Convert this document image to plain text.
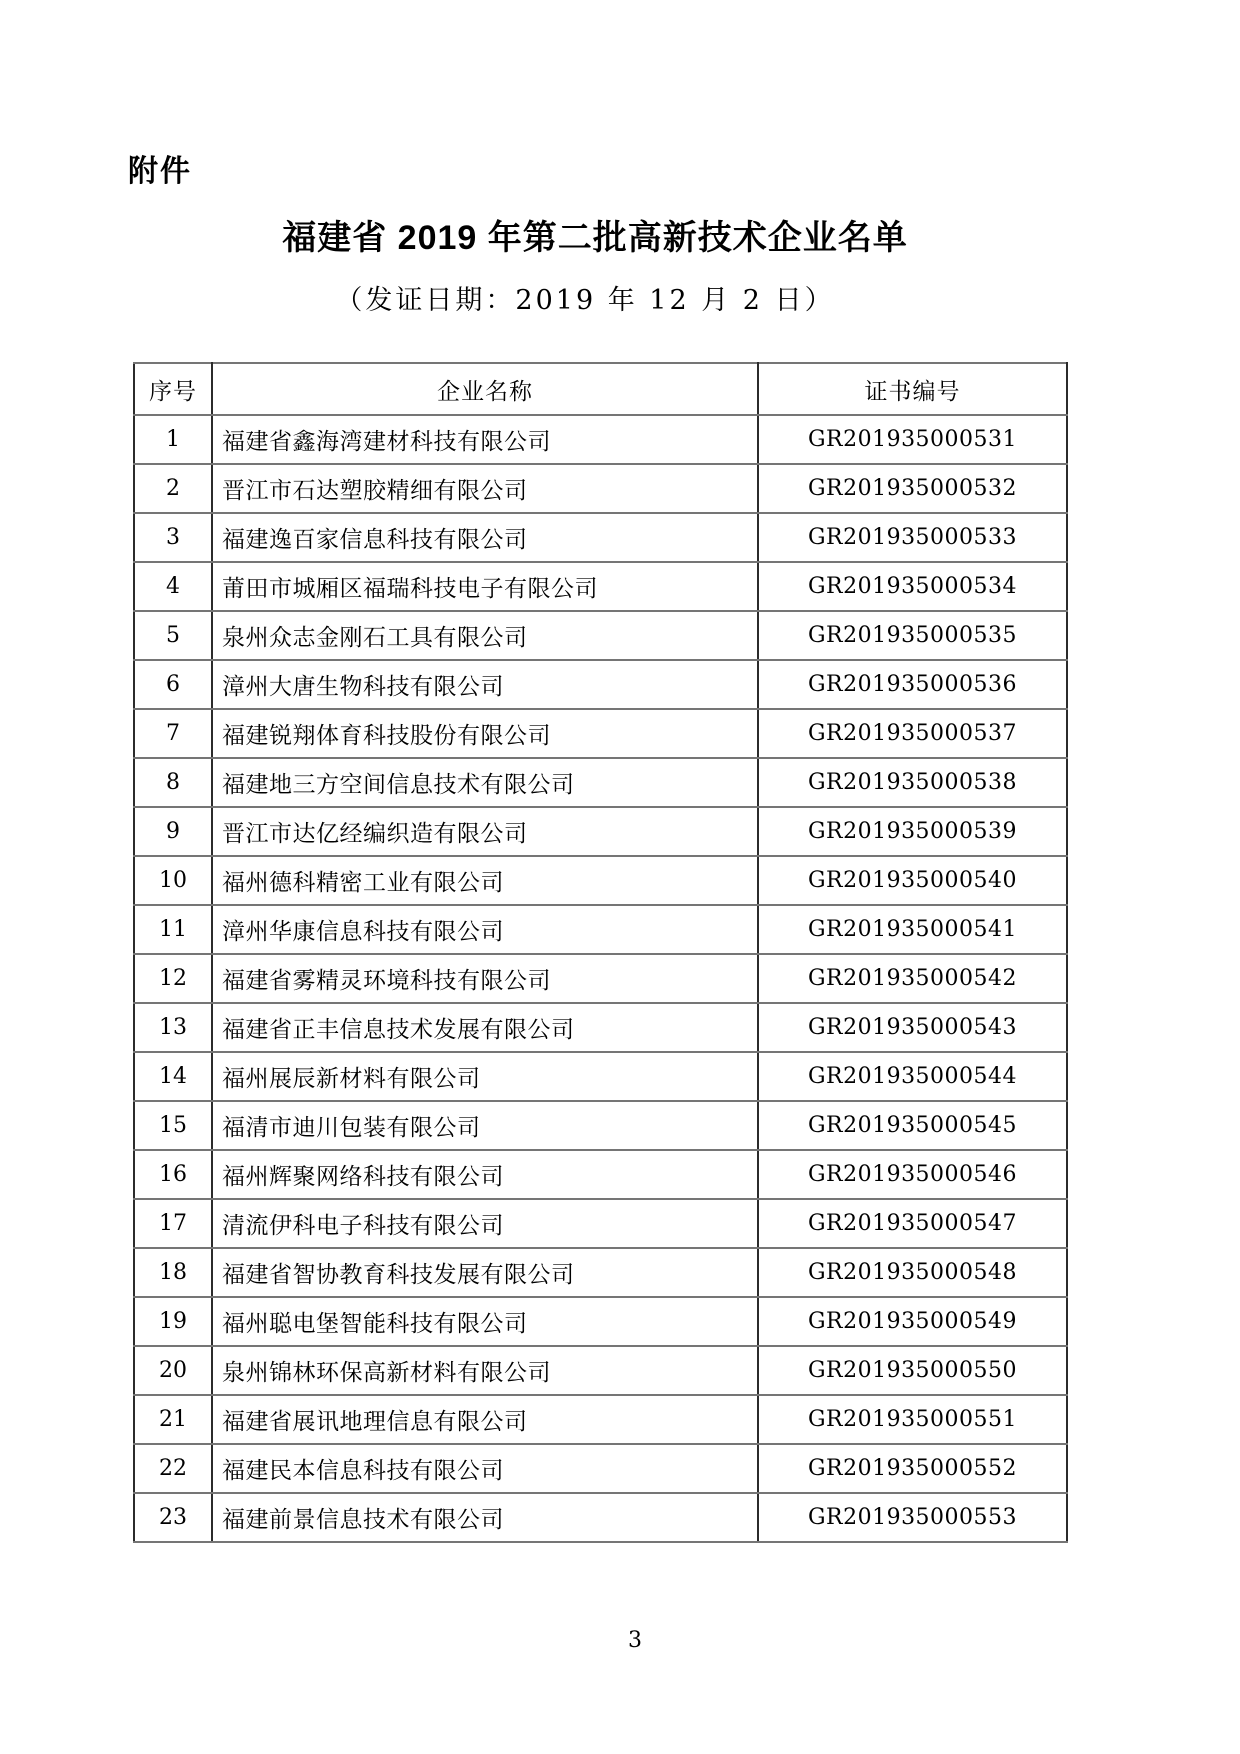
附件
福建省 2019 年第二批高新技术企业名单
（发证日期：2019 年 12 月 2 日）
序号	企业名称	证书编号
1	福建省鑫海湾建材科技有限公司	GR201935000531
2	晋江市石达塑胶精细有限公司	GR201935000532
3	福建逸百家信息科技有限公司	GR201935000533
4	莆田市城厢区福瑞科技电子有限公司	GR201935000534
5	泉州众志金刚石工具有限公司	GR201935000535
6	漳州大唐生物科技有限公司	GR201935000536
7	福建锐翔体育科技股份有限公司	GR201935000537
8	福建地三方空间信息技术有限公司	GR201935000538
9	晋江市达亿经编织造有限公司	GR201935000539
10	福州德科精密工业有限公司	GR201935000540
11	漳州华康信息科技有限公司	GR201935000541
12	福建省雾精灵环境科技有限公司	GR201935000542
13	福建省正丰信息技术发展有限公司	GR201935000543
14	福州展辰新材料有限公司	GR201935000544
15	福清市迪川包装有限公司	GR201935000545
16	福州辉聚网络科技有限公司	GR201935000546
17	清流伊科电子科技有限公司	GR201935000547
18	福建省智协教育科技发展有限公司	GR201935000548
19	福州聪电堡智能科技有限公司	GR201935000549
20	泉州锦林环保高新材料有限公司	GR201935000550
21	福建省展讯地理信息有限公司	GR201935000551
22	福建民本信息科技有限公司	GR201935000552
23	福建前景信息技术有限公司	GR201935000553
3
